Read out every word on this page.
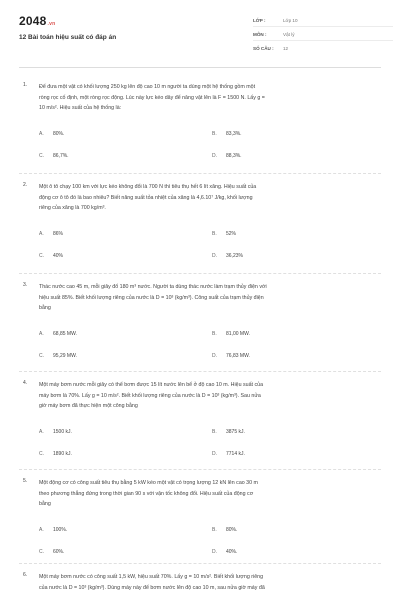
2048.vn
12 Bài toán hiệu suất có đáp án
LỚP :	Lớp 10
MÔN :	Vật lý
SỐ CÂU : 12
1. Để đưa một vật có khối lượng 250 kg lên độ cao 10 m người ta dùng một hệ thống gồm một
ròng rọc cố định, một ròng rọc động. Lúc này lực kéo dây để nâng vật lên là F = 1500 N. Lấy g =
10 m/s². Hiệu suất của hệ thống là:
A. 80%.	B. 83,3%.
C. 86,7%.	D. 88,3%.
2. Một ô tô chạy 100 km với lực kéo không đổi là 700 N thì tiêu thụ hết 6 lít xăng. Hiệu suất của
động cơ ô tô đó là bao nhiêu? Biết năng suất tỏa nhiệt của xăng là 4,6.10⁷ J/kg, khối lượng
riêng của xăng là 700 kg/m³.
A. 86%	B. 52%
C. 40%	D. 36,23%
3. Thác nước cao 45 m, mỗi giây đổ 180 m³ nước. Người ta dùng thác nước làm trạm thủy điện với
hiệu suất 85%. Biết khối lượng riêng của nước là D = 10³ (kg/m³). Công suất của trạm thủy điện
bằng
A. 68,85 MW.	B. 81,00 MW.
C. 95,29 MW.	D. 76,83 MW.
4. Một máy bơm nước mỗi giây có thể bơm được 15 lít nước lên bể ở độ cao 10 m. Hiệu suất của
máy bơm là 70%. Lấy g = 10 m/s². Biết khối lượng riêng của nước là D = 10³ (kg/m³). Sau nửa
giờ máy bơm đã thực hiện một công bằng
A. 1500 kJ.	B. 3875 kJ.
C. 1890 kJ.	D. 7714 kJ.
5. Một động cơ có công suất tiêu thụ bằng 5 kW kéo một vật có trọng lượng 12 kN lên cao 30 m
theo phương thẳng đứng trong thời gian 90 s với vận tốc không đổi. Hiệu suất của động cơ
bằng
A. 100%.	B. 80%.
C. 60%.	D. 40%.
6. Một máy bơm nước có công suất 1,5 kW, hiệu suất 70%. Lấy g = 10 m/s². Biết khối lượng riêng
của nước là D = 10³ (kg/m³). Dùng máy này để bơm nước lên độ cao 10 m, sau nửa giờ máy đã
